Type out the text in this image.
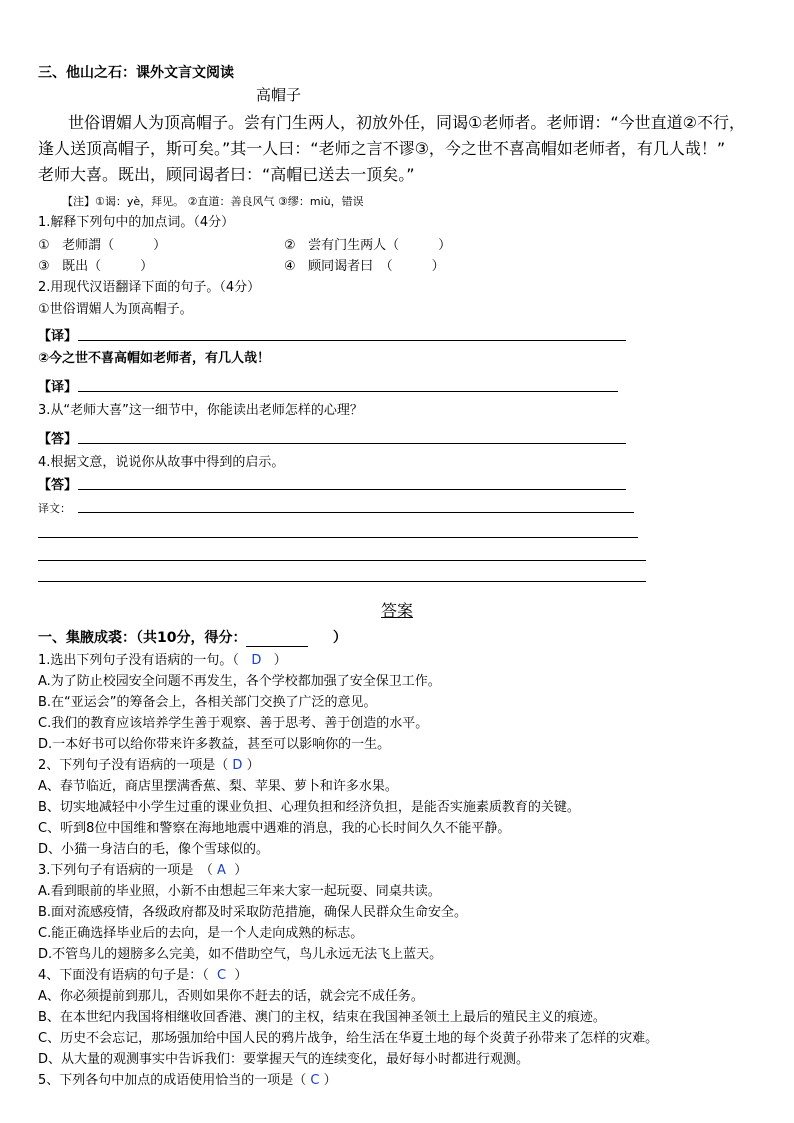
三、他山之石：课外文言文阅读
高帽子
世俗谓媚人为顶高帽子。尝有门生两人，初放外任，同谒①老师者。老师谓：“今世直道②不行，
逢人送顶高帽子，斯可矣。”其一人曰：“老师之言不谬③，今之世不喜高帽如老师者，有几人哉！”
老师大喜。既出，顾同谒者曰：“高帽已送去一顶矣。”
【注】①谒：yè，拜见。 ②直道：善良风气 ③缪：miù，错误
1.解释下列句中的加点词。（4分）
① 老师謂（　　　）	② 尝有门生两人（　　　）
③ 既出（　　　）	④ 顾同谒者曰　（　　　）
2.用现代汉语翻译下面的句子。（4分）
①世俗谓媚人为顶高帽子。
【译】
②今之世不喜高帽如老师者，有几人哉！
【译】
3.从“老师大喜”这一细节中，你能读出老师怎样的心理？
【答】
4.根据文意，说说你从故事中得到的启示。
【答】
译文：
答案
一、集腋成裘：（共10分，得分：	）
1.选出下列句子没有语病的一句。（ D ）
A.为了防止校园安全问题不再发生，各个学校都加强了安全保卫工作。
B.在“亚运会”的筹备会上，各相关部门交换了广泛的意见。
C.我们的教育应该培养学生善于观察、善于思考、善于创造的水平。
D.一本好书可以给你带来许多教益，甚至可以影响你的一生。
2、下列句子没有语病的一项是（ D ）
A、春节临近，商店里摆满香蕉、梨、苹果、萝卜和许多水果。
B、切实地减轻中小学生过重的课业负担、心理负担和经济负担，是能否实施素质教育的关键。
C、听到8位中国维和警察在海地地震中遇难的消息，我的心长时间久久不能平静。
D、小猫一身洁白的毛，像个雪球似的。
3.下列句子有语病的一项是　（ A ）
A.看到眼前的毕业照，小新不由想起三年来大家一起玩耍、同桌共读。
B.面对流感疫情，各级政府都及时采取防范措施，确保人民群众生命安全。
C.能正确选择毕业后的去向，是一个人走向成熟的标志。
D.不管鸟儿的翅膀多么完美，如不借助空气，鸟儿永远无法飞上蓝天。
4、下面没有语病的句子是：（ C ）
A、你必须提前到那儿，否则如果你不赶去的话，就会完不成任务。
B、在本世纪内我国将相继收回香港、澳门的主权，结束在我国神圣领土上最后的殖民主义的痕迹。
C、历史不会忘记，那场强加给中国人民的鸦片战争，给生活在华夏土地的每个炎黄子孙带来了怎样的灾难。
D、从大量的观测事实中告诉我们：要掌握天气的连续变化，最好每小时都进行观测。
5、下列各句中加点的成语使用恰当的一项是（ C ）
